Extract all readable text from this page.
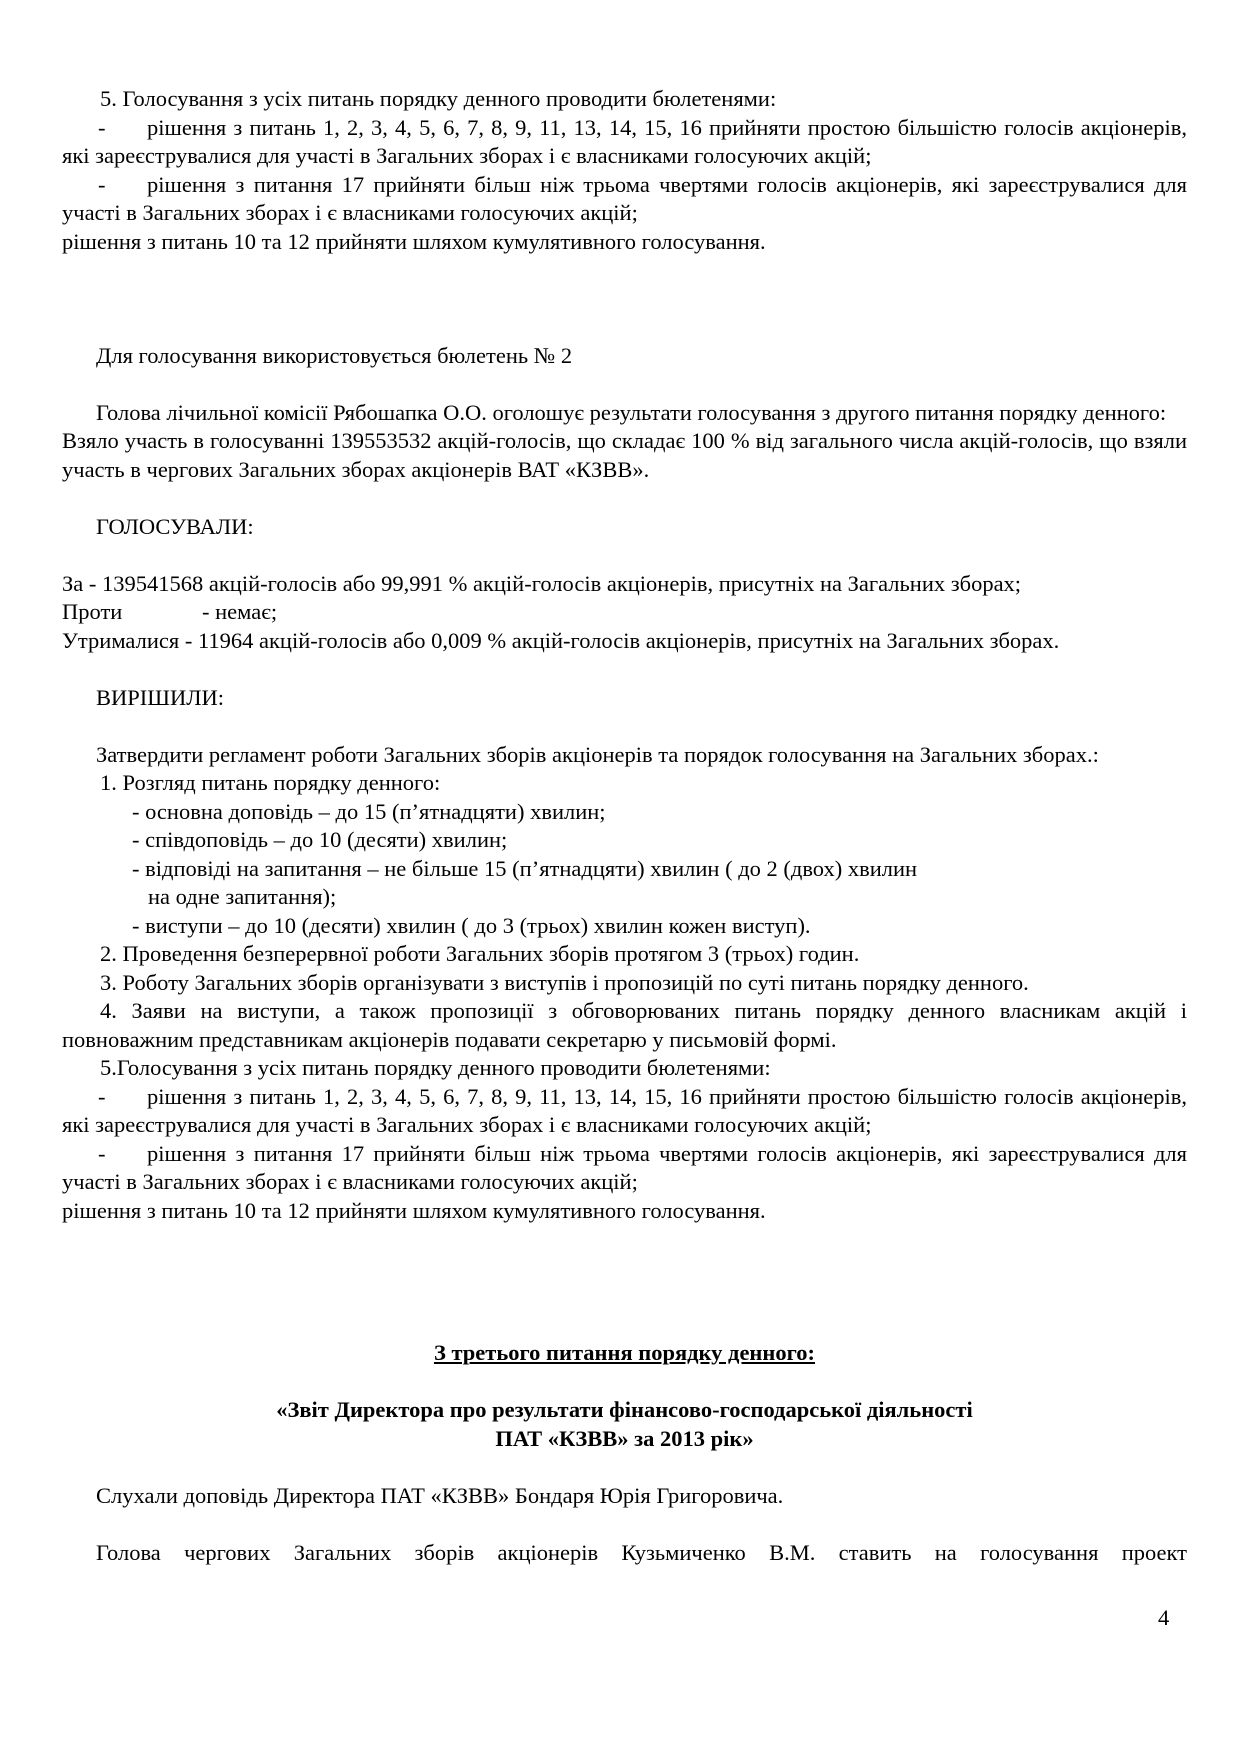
5. Голосування з усіх питань порядку денного проводити бюлетенями:

- рішення з питань 1, 2, 3, 4, 5, 6, 7, 8, 9, 11, 13, 14, 15, 16 прийняти простою більшістю голосів акціонерів, які зареєструвалися для участі в Загальних зборах і є власниками голосуючих акцій;

- рішення з питання 17 прийняти більш ніж трьома чвертями голосів акціонерів, які зареєструвалися для участі в Загальних зборах і є власниками голосуючих акцій;

рішення з питань 10 та 12 прийняти шляхом кумулятивного голосування.

Для голосування використовується бюлетень № 2

Голова лічильної комісії Рябошапка О.О. оголошує результати голосування з другого питання порядку денного:

Взяло участь в голосуванні 139553532 акцій-голосів, що складає 100 % від загального числа акцій-голосів, що взяли участь в чергових Загальних зборах акціонерів ВАТ «КЗВВ».

ГОЛОСУВАЛИ:

За - 139541568 акцій-голосів або 99,991 % акцій-голосів акціонерів, присутніх на Загальних зборах;

Проти	- немає;

Утрималися - 11964 акцій-голосів або 0,009 % акцій-голосів акціонерів, присутніх на Загальних зборах.

ВИРІШИЛИ:

Затвердити регламент роботи Загальних зборів акціонерів та порядок голосування на Загальних зборах.:

1. Розгляд питань порядку денного:

- основна доповідь – до 15 (п’ятнадцяти) хвилин;

- співдоповідь – до 10 (десяти) хвилин;

- відповіді на запитання – не більше 15 (п’ятнадцяти) хвилин ( до 2 (двох) хвилин

на одне запитання);

- виступи – до 10 (десяти) хвилин ( до 3 (трьох) хвилин кожен виступ).

2. Проведення безперервної роботи Загальних зборів протягом 3 (трьох) годин.

3. Роботу Загальних зборів організувати з виступів і пропозицій по суті питань порядку денного.

4. Заяви на виступи, а також пропозиції з обговорюваних питань порядку денного власникам акцій і повноважним представникам акціонерів подавати секретарю у письмовій формі.

5.Голосування з усіх питань порядку денного проводити бюлетенями:

- рішення з питань 1, 2, 3, 4, 5, 6, 7, 8, 9, 11, 13, 14, 15, 16 прийняти простою більшістю голосів акціонерів, які зареєструвалися для участі в Загальних зборах і є власниками голосуючих акцій;

- рішення з питання 17 прийняти більш ніж трьома чвертями голосів акціонерів, які зареєструвалися для участі в Загальних зборах і є власниками голосуючих акцій;

рішення з питань 10 та 12 прийняти шляхом кумулятивного голосування.

З третього питання порядку денного:

«Звіт Директора про результати фінансово-господарської діяльності

ПАТ «КЗВВ» за 2013 рік»

Слухали доповідь Директора ПАТ «КЗВВ» Бондаря Юрія Григоровича.

Голова чергових Загальних зборів акціонерів Кузьмиченко В.М. ставить на голосування проект

4
